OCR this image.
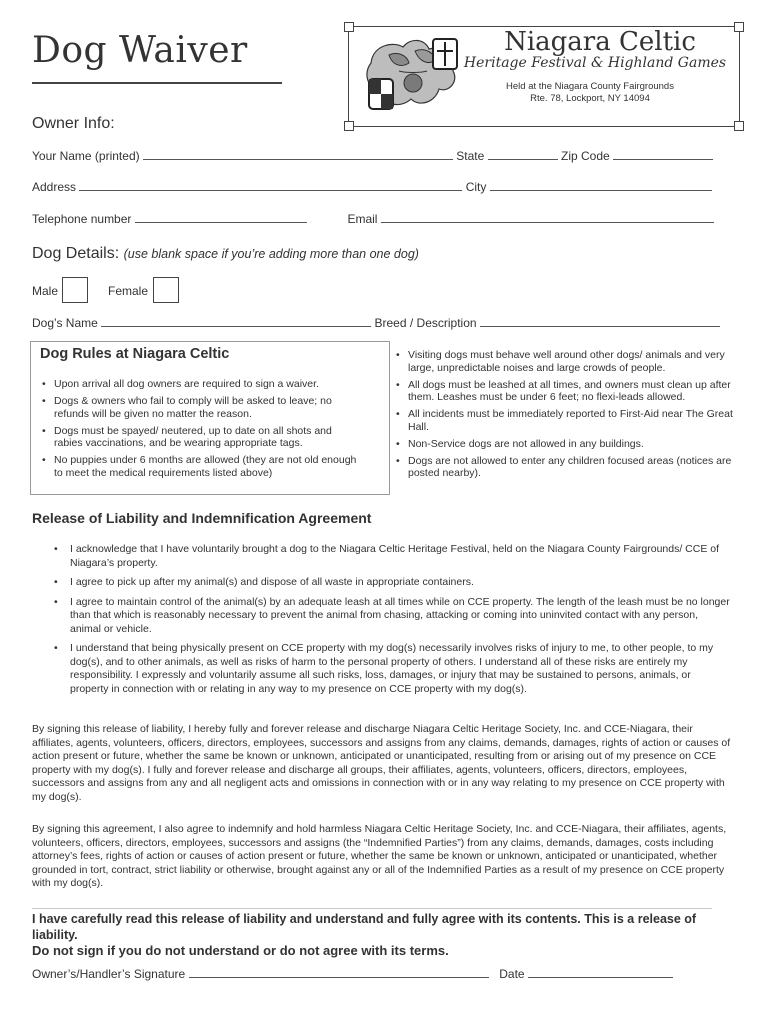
Dog Waiver	Niagara Celtic
Heritage Festival & Highland Games
Held at the Niagara County Fairgrounds
Rte. 78, Lockport, NY 14094
Owner Info:
Your Name (printed)	State	Zip Code
Address	City
Telephone number	Email
Dog Details: (use blank space if you’re adding more than one dog)
Male	Female
Dog’s Name	Breed / Description
Dog Rules at Niagara Celtic
• Upon arrival all dog owners are required to sign a waiver.
• Dogs & owners who fail to comply will be asked to leave; no refunds will be given no matter the reason.
• Dogs must be spayed/ neutered, up to date on all shots and rabies vaccinations, and be wearing appropriate tags.
• No puppies under 6 months are allowed (they are not old enough to meet the medical requirements listed above)
• Visiting dogs must behave well around other dogs/ animals and very large, unpredictable noises and large crowds of people.
• All dogs must be leashed at all times, and owners must clean up after them. Leashes must be under 6 feet; no flexi-leads allowed.
• All incidents must be immediately reported to First-Aid near The Great Hall.
• Non-Service dogs are not allowed in any buildings.
• Dogs are not allowed to enter any children focused areas (notices are posted nearby).
Release of Liability and Indemnification Agreement
• I acknowledge that I have voluntarily brought a dog to the Niagara Celtic Heritage Festival, held on the Niagara County Fairgrounds/ CCE of Niagara’s property.
• I agree to pick up after my animal(s) and dispose of all waste in appropriate containers.
• I agree to maintain control of the animal(s) by an adequate leash at all times while on CCE property. The length of the leash must be no longer than that which is reasonably necessary to prevent the animal from chasing, attacking or coming into uninvited contact with any person, animal or vehicle.
• I understand that being physically present on CCE property with my dog(s) necessarily involves risks of injury to me, to other people, to my dog(s), and to other animals, as well as risks of harm to the personal property of others. I understand all of these risks are entirely my responsibility. I expressly and voluntarily assume all such risks, loss, damages, or injury that may be sustained to persons, animals, or property in connection with or relating in any way to my presence on CCE property with my dog(s).
By signing this release of liability, I hereby fully and forever release and discharge Niagara Celtic Heritage Society, Inc. and CCE-Niagara, their affiliates, agents, volunteers, officers, directors, employees, successors and assigns from any claims, demands, damages, rights of action or causes of action present or future, whether the same be known or unknown, anticipated or unanticipated, resulting from or arising out of my presence on CCE property with my dog(s). I fully and forever release and discharge all groups, their affiliates, agents, volunteers, officers, directors, employees, successors and assigns from any and all negligent acts and omissions in connection with or in any way relating to my presence on CCE property with my dog(s).
By signing this agreement, I also agree to indemnify and hold harmless Niagara Celtic Heritage Society, Inc. and CCE-Niagara, their affiliates, agents, volunteers, officers, directors, employees, successors and assigns (the “Indemnified Parties”) from any claims, demands, damages, costs including attorney’s fees, rights of action or causes of action present or future, whether the same be known or unknown, anticipated or unanticipated, whether grounded in tort, contract, strict liability or otherwise, brought against any or all of the Indemnified Parties as a result of my presence on CCE property with my dog(s).
I have carefully read this release of liability and understand and fully agree with its contents. This is a release of liability.
Do not sign if you do not understand or do not agree with its terms.
Owner’s/Handler’s Signature	Date
